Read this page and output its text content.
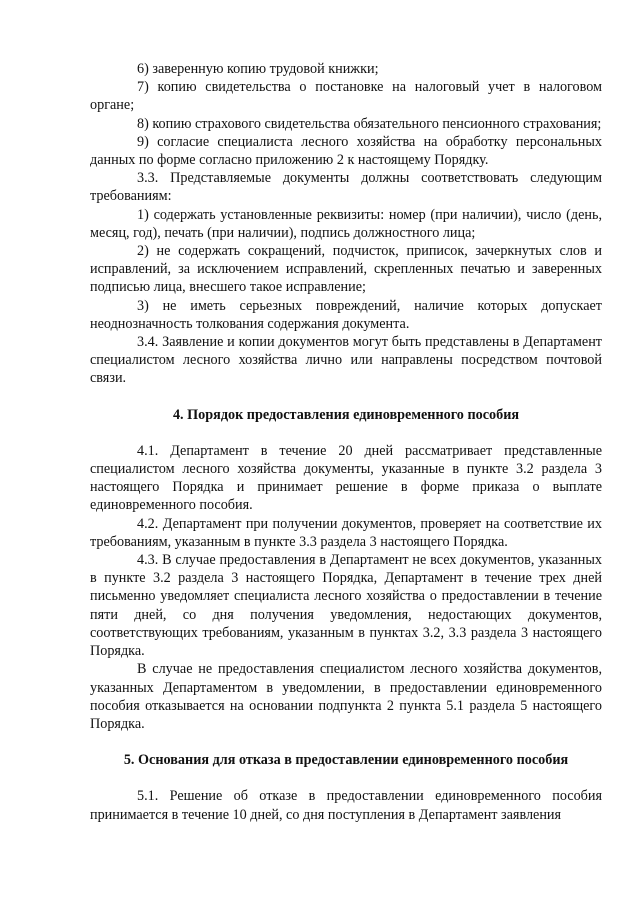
6) заверенную копию трудовой книжки;

7) копию свидетельства о постановке на налоговый учет в налоговом органе;

8) копию страхового свидетельства обязательного пенсионного страхования;

9) согласие специалиста лесного хозяйства на обработку персональных данных по форме согласно приложению 2 к настоящему Порядку.

3.3. Представляемые документы должны соответствовать следующим требованиям:

1) содержать установленные реквизиты: номер (при наличии), число (день, месяц, год), печать (при наличии), подпись должностного лица;

2) не содержать сокращений, подчисток, приписок, зачеркнутых слов и исправлений, за исключением исправлений, скрепленных печатью и заверенных подписью лица, внесшего такое исправление;

3) не иметь серьезных повреждений, наличие которых допускает неоднозначность толкования содержания документа.

3.4. Заявление и копии документов могут быть представлены в Департамент специалистом лесного хозяйства лично или направлены посредством почтовой связи.

4. Порядок предоставления единовременного пособия

4.1. Департамент в течение 20 дней рассматривает представленные специалистом лесного хозяйства документы, указанные в пункте 3.2 раздела 3 настоящего Порядка и принимает решение в форме приказа о выплате единовременного пособия.

4.2. Департамент при получении документов, проверяет на соответствие их требованиям, указанным в пункте 3.3 раздела 3 настоящего Порядка.

4.3. В случае предоставления в Департамент не всех документов, указанных в пункте 3.2 раздела 3 настоящего Порядка, Департамент в течение трех дней письменно уведомляет специалиста лесного хозяйства о предоставлении в течение пяти дней, со дня получения уведомления, недостающих документов, соответствующих требованиям, указанным в пунктах 3.2, 3.3 раздела 3 настоящего Порядка.

В случае не предоставления специалистом лесного хозяйства документов, указанных Департаментом в уведомлении, в предоставлении единовременного пособия отказывается на основании подпункта 2 пункта 5.1 раздела 5 настоящего Порядка.

5. Основания для отказа в предоставлении единовременного пособия

5.1. Решение об отказе в предоставлении единовременного пособия принимается в течение 10 дней, со дня поступления в Департамент заявления
